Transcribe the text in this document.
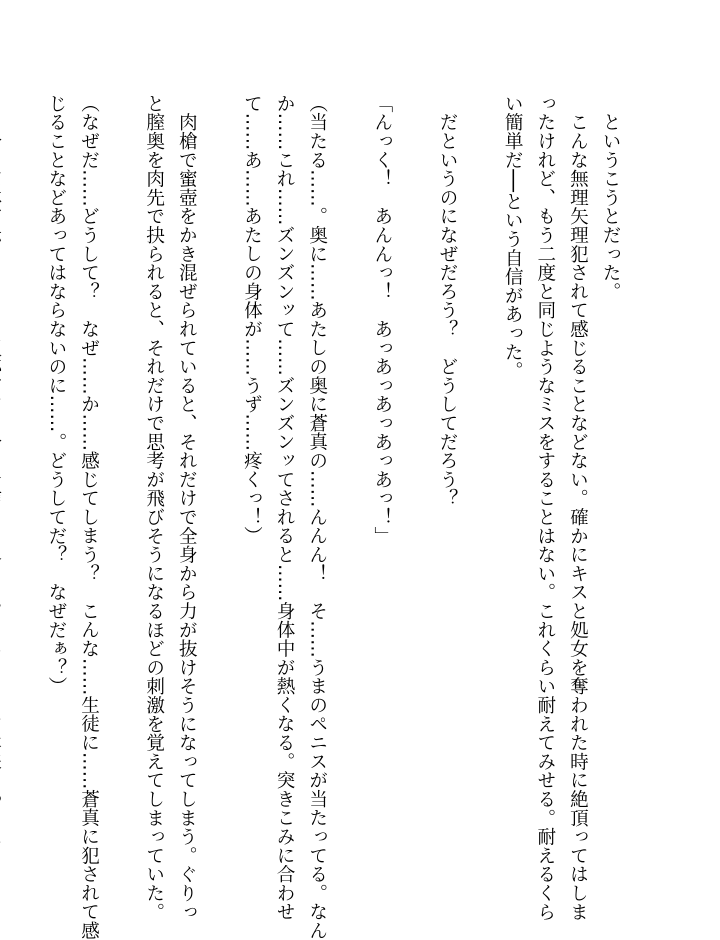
　というこうとだった。
　こんな無理矢理犯されて感じることなどない。確かにキスと処女を奪われた時に絶頂ってはしま
ったけれど、もう二度と同じようなミスをすることはない。これくらい耐えてみせる。耐えるくら
い簡単だ──という自信があった。

　だというのになぜだろう？　どうしてだろう？

「んっく！　あんんっ！　あっあっあっあっあっ！」

（当たる……。奥に……あたしの奥に蒼真の……んんん！　そ……うまのペニスが当たってる。なん
か……これ……ズンズンッて……ズンズンッてされると……身体中が熱くなる。突きこみに合わせ
て……あ……あたしの身体が……うず……疼くっ！）

　肉槍で蜜壺をかき混ぜられていると、それだけで全身から力が抜けそうになってしまう。ぐりっ
と膣奥を肉先で抉られると、それだけで思考が飛びそうになるほどの刺激を覚えてしまっていた。

（なぜだ……どうして？　なぜ……か……感じてしまう？　こんな……生徒に……蒼真に犯されて感
じることなどあってはならないのに……。どうしてだ？　なぜだぁ？）
